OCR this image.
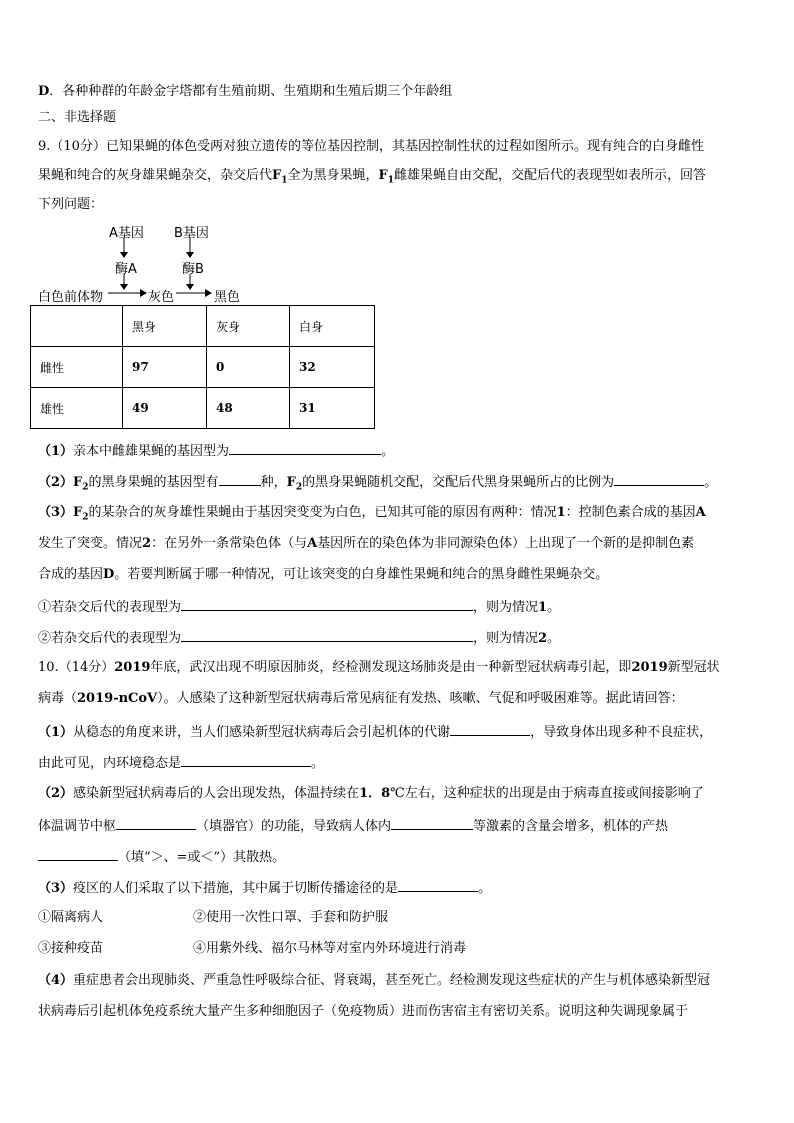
D．各种种群的年龄金字塔都有生殖前期、生殖期和生殖后期三个年龄组
二、非选择题
9.（10分）已知果蝇的体色受两对独立遗传的等位基因控制，其基因控制性状的过程如图所示。现有纯合的白身雌性
果蝇和纯合的灰身雄果蝇杂交，杂交后代$F_1$全为黑身果蝇，$F_1$雌雄果蝇自由交配，交配后代的表现型如表所示，回答
下列问题：
A基因 B基因
酶A	酶B
白色前体物	灰色	黑色
	黑身	灰身	白身
雌性	97	0	32
雄性	49	48	31
（1）亲本中雌雄果蝇的基因型为	。
$(2)F_2$的黑身果蝇的基因型有	种，$F_2$的黑身果蝇随机交配，交配后代黑身果蝇所占的比例为	。
$(3)F_2$的某杂合的灰身雄性果蝇由于基因突变变为白色，已知其可能的原因有两种：情况1：控制色素合成的基因A
发生了突变。情况2：在另外一条常染色体（与A基因所在的染色体为非同源染色体）上出现了一个新的是抑制色素
合成的基因D。若要判断属于哪一种情况，可让该突变的白身雄性果蝇和纯合的黑身雌性果蝇杂交。
①若杂交后代的表现型为	，则为情况1。
②若杂交后代的表现型为	，则为情况2。
10.（14分）2019年底，武汉出现不明原因肺炎，经检测发现这场肺炎是由一种新型冠状病毒引起，即2019新型冠状
病毒（2019-nCoV）。人感染了这种新型冠状病毒后常见病征有发热、咳嗽、气促和呼吸困难等。据此请回答：
（1）从稳态的角度来讲，当人们感染新型冠状病毒后会引起机体的代谢	，导致身体出现多种不良症状，
由此可见，内环境稳态是	。
（2）感染新型冠状病毒后的人会出现发热，体温持续在1．8℃左右，这种症状的出现是由于病毒直接或间接影响了
体温调节中枢	（填器官）的功能，导致病人体内	等激素的含量会增多，机体的产热
（填“＞、=或＜”）其散热。
（3）疫区的人们采取了以下措施，其中属于切断传播途径的是	。
①隔离病人	②使用一次性口罩、手套和防护服
③接种疫苗	④用紫外线、福尔马林等对室内外环境进行消毒
（4）重症患者会出现肺炎、严重急性呼吸综合征、肾衰竭，甚至死亡。经检测发现这些症状的产生与机体感染新型冠
状病毒后引起机体免疫系统大量产生多种细胞因子（免疫物质）进而伤害宿主有密切关系。说明这种失调现象属于
